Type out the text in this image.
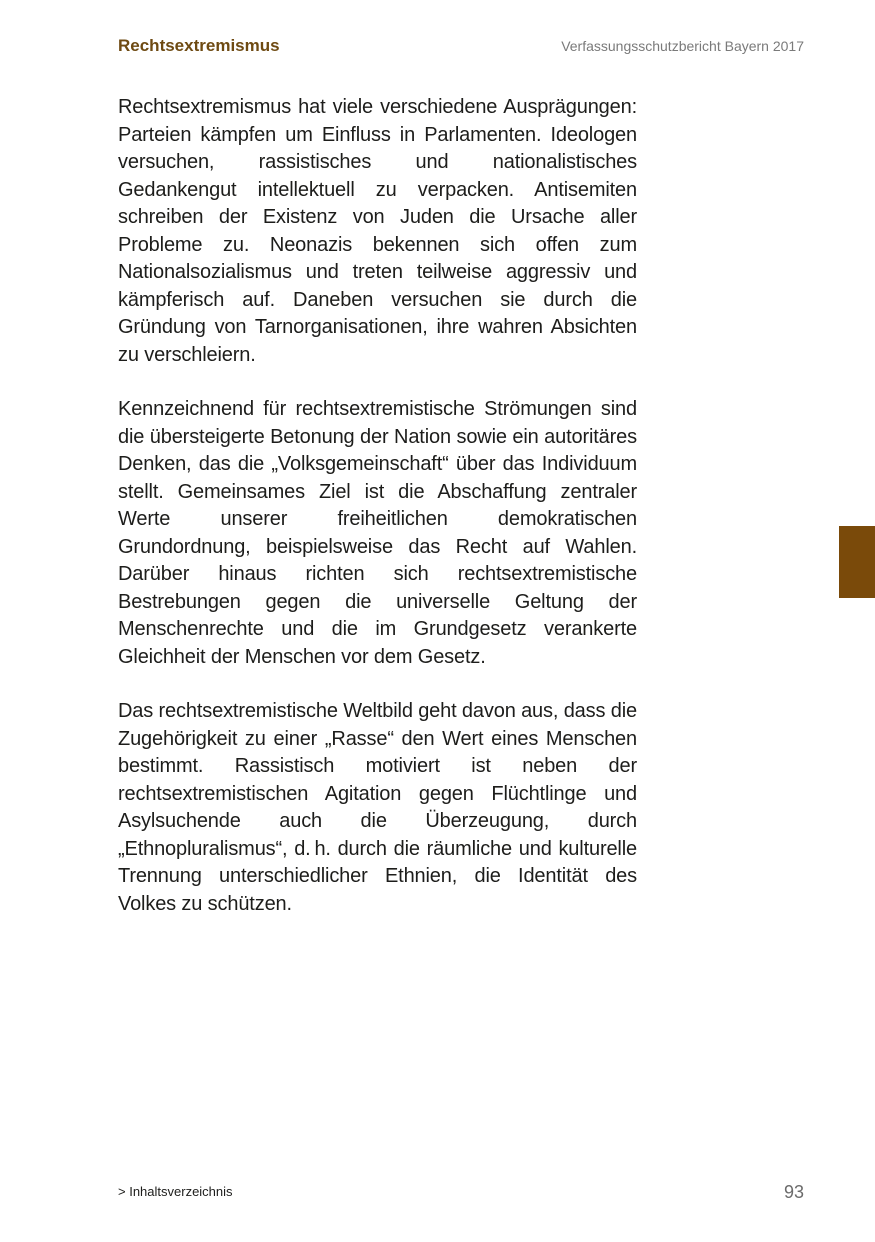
Rechtsextremismus	Verfassungsschutzbericht Bayern 2017

Rechtsextremismus hat viele verschiedene Ausprägungen: Parteien kämpfen um Einfluss in Parlamenten. Ideologen versuchen, rassistisches und nationalistisches Gedankengut intellektuell zu verpacken. Antisemiten schreiben der Existenz von Juden die Ursache aller Probleme zu. Neonazis bekennen sich offen zum Nationalsozialismus und treten teilweise aggressiv und kämpferisch auf. Daneben versuchen sie durch die Gründung von Tarnorganisationen, ihre wahren Absichten zu verschleiern.

Kennzeichnend für rechtsextremistische Strömungen sind die übersteigerte Betonung der Nation sowie ein autoritäres Denken, das die „Volksgemeinschaft“ über das Individuum stellt. Gemeinsames Ziel ist die Abschaffung zentraler Werte unserer freiheitlichen demokratischen Grundordnung, beispielsweise das Recht auf Wahlen. Darüber hinaus richten sich rechtsextremistische Bestrebungen gegen die universelle Geltung der Menschenrechte und die im Grundgesetz verankerte Gleichheit der Menschen vor dem Gesetz.

Das rechtsextremistische Weltbild geht davon aus, dass die Zugehörigkeit zu einer „Rasse“ den Wert eines Menschen bestimmt. Rassistisch motiviert ist neben der rechtsextremistischen Agitation gegen Flüchtlinge und Asylsuchende auch die Überzeugung, durch „Ethnopluralismus“, d. h. durch die räumliche und kulturelle Trennung unterschiedlicher Ethnien, die Identität des Volkes zu schützen.

> Inhaltsverzeichnis	93
